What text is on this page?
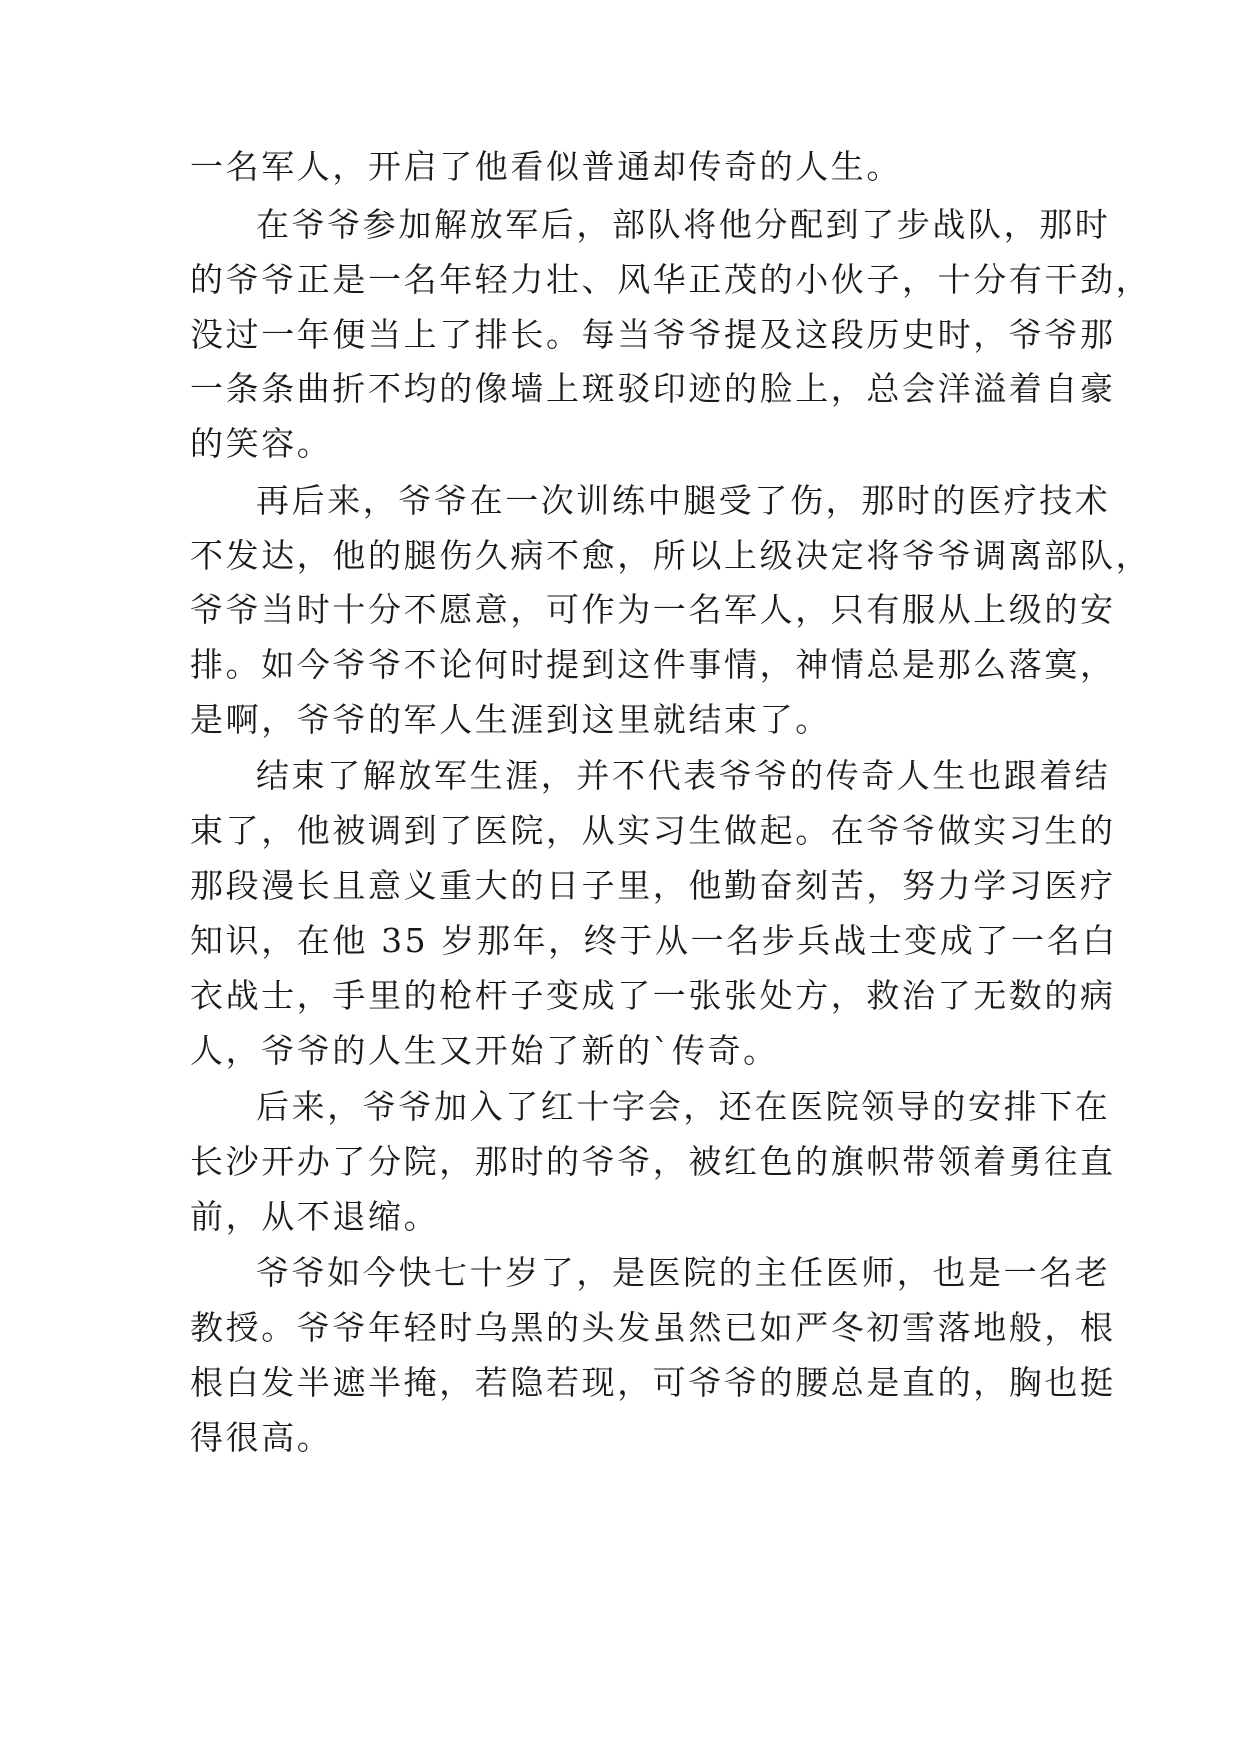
一名军人，开启了他看似普通却传奇的人生。
在爷爷参加解放军后，部队将他分配到了步战队，那时
的爷爷正是一名年轻力壮、风华正茂的小伙子，十分有干劲，
没过一年便当上了排长。每当爷爷提及这段历史时，爷爷那
一条条曲折不均的像墙上斑驳印迹的脸上，总会洋溢着自豪
的笑容。
再后来，爷爷在一次训练中腿受了伤，那时的医疗技术
不发达，他的腿伤久病不愈，所以上级决定将爷爷调离部队，
爷爷当时十分不愿意，可作为一名军人，只有服从上级的安
排。如今爷爷不论何时提到这件事情，神情总是那么落寞，
是啊，爷爷的军人生涯到这里就结束了。
结束了解放军生涯，并不代表爷爷的传奇人生也跟着结
束了，他被调到了医院，从实习生做起。在爷爷做实习生的
那段漫长且意义重大的日子里，他勤奋刻苦，努力学习医疗
知识，在他 35 岁那年，终于从一名步兵战士变成了一名白
衣战士，手里的枪杆子变成了一张张处方，救治了无数的病
人，爷爷的人生又开始了新的`传奇。
后来，爷爷加入了红十字会，还在医院领导的安排下在
长沙开办了分院，那时的爷爷，被红色的旗帜带领着勇往直
前，从不退缩。
爷爷如今快七十岁了，是医院的主任医师，也是一名老
教授。爷爷年轻时乌黑的头发虽然已如严冬初雪落地般，根
根白发半遮半掩，若隐若现，可爷爷的腰总是直的，胸也挺
得很高。
